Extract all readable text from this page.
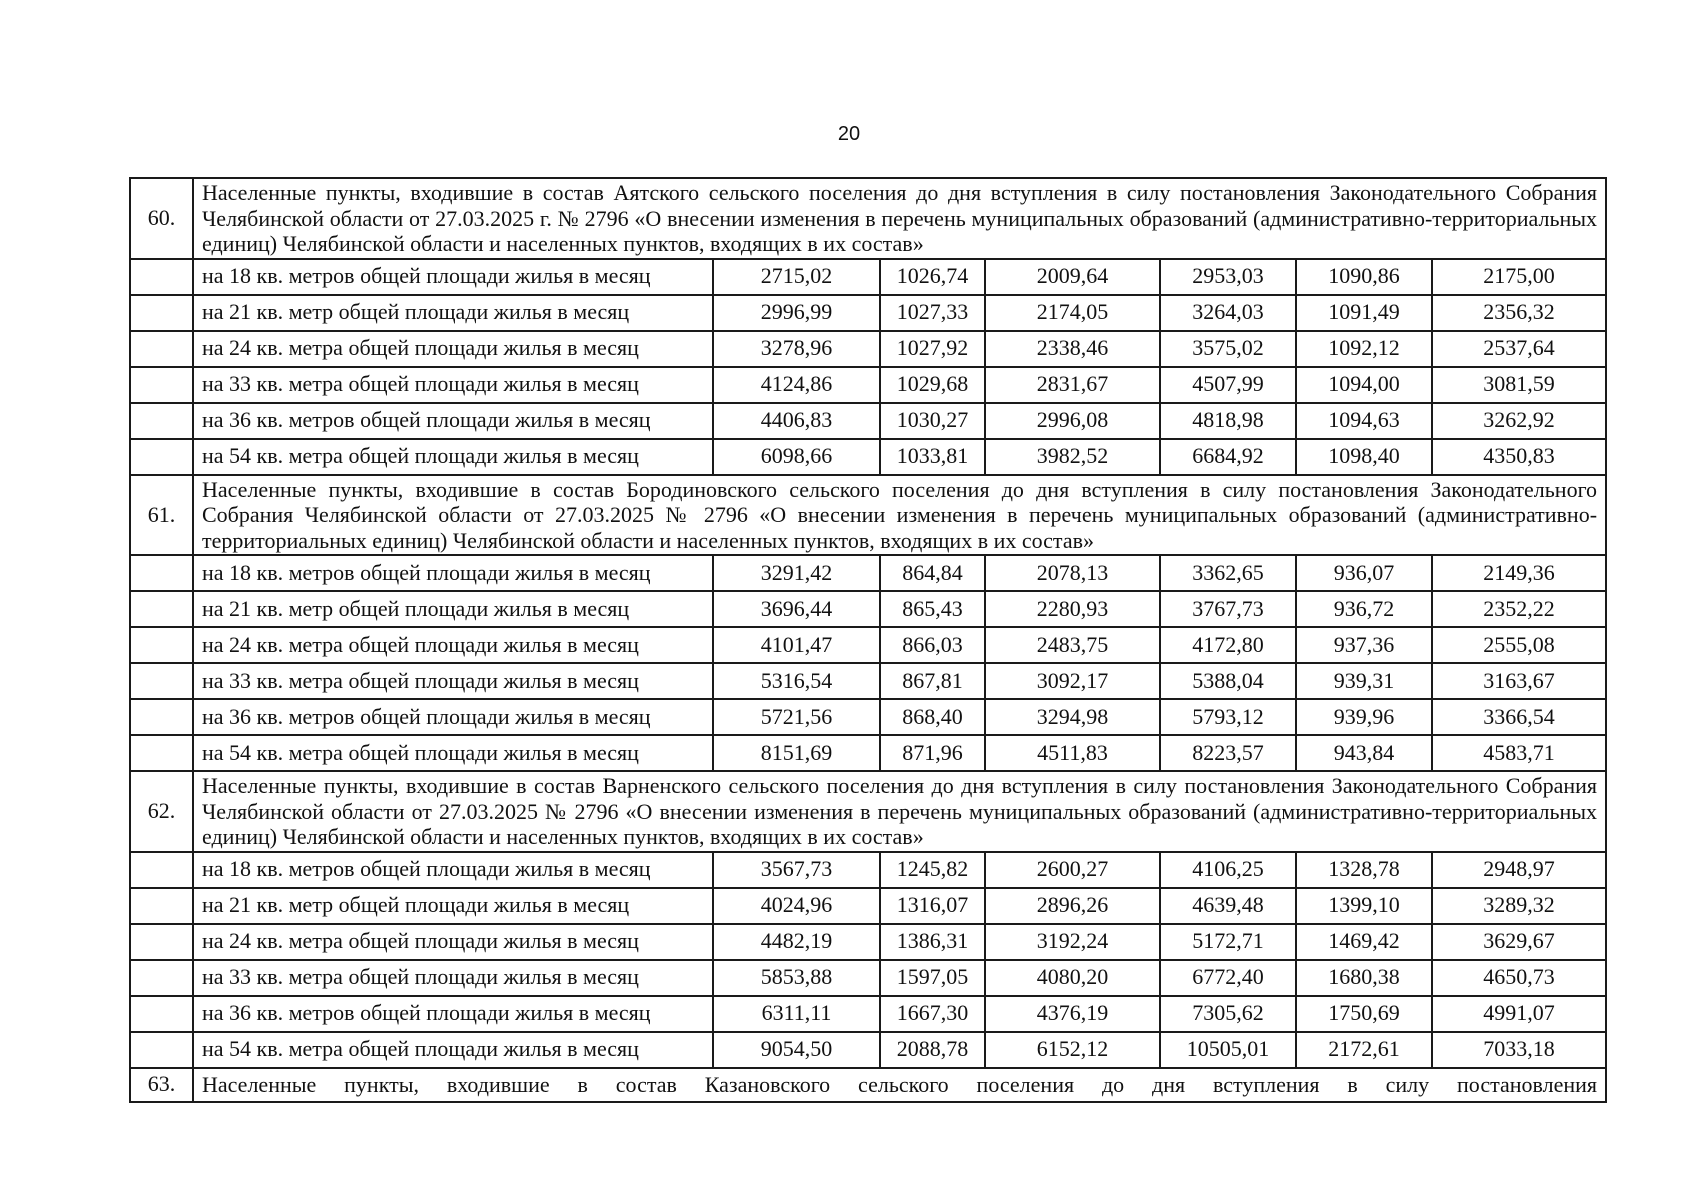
20
60.	Населенные пункты, входившие в состав Аятского сельского поселения до дня вступления в силу постановления Законодательного Собрания Челябинской области от 27.03.2025 г. № 2796 «О внесении изменения в перечень муниципальных образований (административно-территориальных единиц) Челябинской области и населенных пунктов, входящих в их состав»						
	на 18 кв. метров общей площади жилья в месяц	2715,02	1026,74	2009,64	2953,03	1090,86	2175,00
	на 21 кв. метр общей площади жилья в месяц	2996,99	1027,33	2174,05	3264,03	1091,49	2356,32
	на 24 кв. метра общей площади жилья в месяц	3278,96	1027,92	2338,46	3575,02	1092,12	2537,64
	на 33 кв. метра общей площади жилья в месяц	4124,86	1029,68	2831,67	4507,99	1094,00	3081,59
	на 36 кв. метров общей площади жилья в месяц	4406,83	1030,27	2996,08	4818,98	1094,63	3262,92
	на 54 кв. метра общей площади жилья в месяц	6098,66	1033,81	3982,52	6684,92	1098,40	4350,83
61.	Населенные пункты, входившие в состав Бородиновского сельского поселения до дня вступления в силу постановления Законодательного Собрания Челябинской области от 27.03.2025 № 2796 «О внесении изменения в перечень муниципальных образований (административно-территориальных единиц) Челябинской области и населенных пунктов, входящих в их состав»						
	на 18 кв. метров общей площади жилья в месяц	3291,42	864,84	2078,13	3362,65	936,07	2149,36
	на 21 кв. метр общей площади жилья в месяц	3696,44	865,43	2280,93	3767,73	936,72	2352,22
	на 24 кв. метра общей площади жилья в месяц	4101,47	866,03	2483,75	4172,80	937,36	2555,08
	на 33 кв. метра общей площади жилья в месяц	5316,54	867,81	3092,17	5388,04	939,31	3163,67
	на 36 кв. метров общей площади жилья в месяц	5721,56	868,40	3294,98	5793,12	939,96	3366,54
	на 54 кв. метра общей площади жилья в месяц	8151,69	871,96	4511,83	8223,57	943,84	4583,71
62.	Населенные пункты, входившие в состав Варненского сельского поселения до дня вступления в силу постановления Законодательного Собрания Челябинской области от 27.03.2025 № 2796 «О внесении изменения в перечень муниципальных образований (административно-территориальных единиц) Челябинской области и населенных пунктов, входящих в их состав»						
	на 18 кв. метров общей площади жилья в месяц	3567,73	1245,82	2600,27	4106,25	1328,78	2948,97
	на 21 кв. метр общей площади жилья в месяц	4024,96	1316,07	2896,26	4639,48	1399,10	3289,32
	на 24 кв. метра общей площади жилья в месяц	4482,19	1386,31	3192,24	5172,71	1469,42	3629,67
	на 33 кв. метра общей площади жилья в месяц	5853,88	1597,05	4080,20	6772,40	1680,38	4650,73
	на 36 кв. метров общей площади жилья в месяц	6311,11	1667,30	4376,19	7305,62	1750,69	4991,07
	на 54 кв. метра общей площади жилья в месяц	9054,50	2088,78	6152,12	10505,01	2172,61	7033,18
63.	Населенные пункты, входившие в состав Казановского сельского поселения до дня вступления в силу постановления						
